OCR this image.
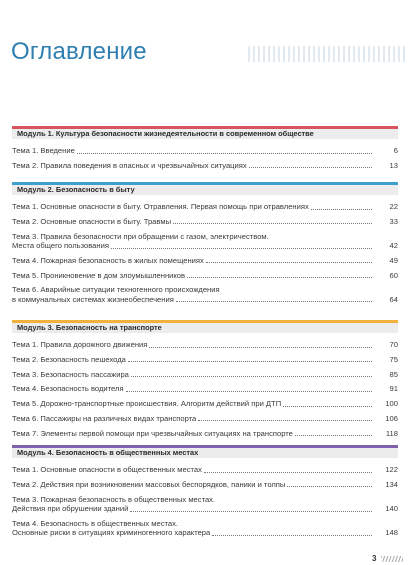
Оглавление
Модуль 1. Культура безопасности жизнедеятельности в современном обществе
Тема 1. Введение	6
Тема 2. Правила поведения в опасных и чрезвычайных ситуациях	13
Модуль 2. Безопасность в быту
Тема 1. Основные опасности в быту. Отравления. Первая помощь при отравлениях	22
Тема 2. Основные опасности в быту. Травмы	33
Тема 3. Правила безопасности при обращении с газом, электричеством.
Места общего пользования	42
Тема 4. Пожарная безопасность в жилых помещениях	49
Тема 5. Проникновение в дом злоумышленников	60
Тема 6. Аварийные ситуации техногенного происхождения
в коммунальных системах жизнеобеспечения	64
Модуль 3. Безопасность на транспорте
Тема 1. Правила дорожного движения	70
Тема 2. Безопасность пешехода	75
Тема 3. Безопасность пассажира	85
Тема 4. Безопасность водителя	91
Тема 5. Дорожно-транспортные происшествия. Алгоритм действий при ДТП	100
Тема 6. Пассажиры на различных видах транспорта	106
Тема 7. Элементы первой помощи при чрезвычайных ситуациях на транспорте	118
Модуль 4. Безопасность в общественных местах
Тема 1. Основные опасности в общественных местах	122
Тема 2. Действия при возникновении массовых беспорядков, паники и толпы	134
Тема 3. Пожарная безопасность в общественных местах.
Действия при обрушении зданий	140
Тема 4. Безопасность в общественных местах.
Основные риски в ситуациях криминогенного характера	148
3
